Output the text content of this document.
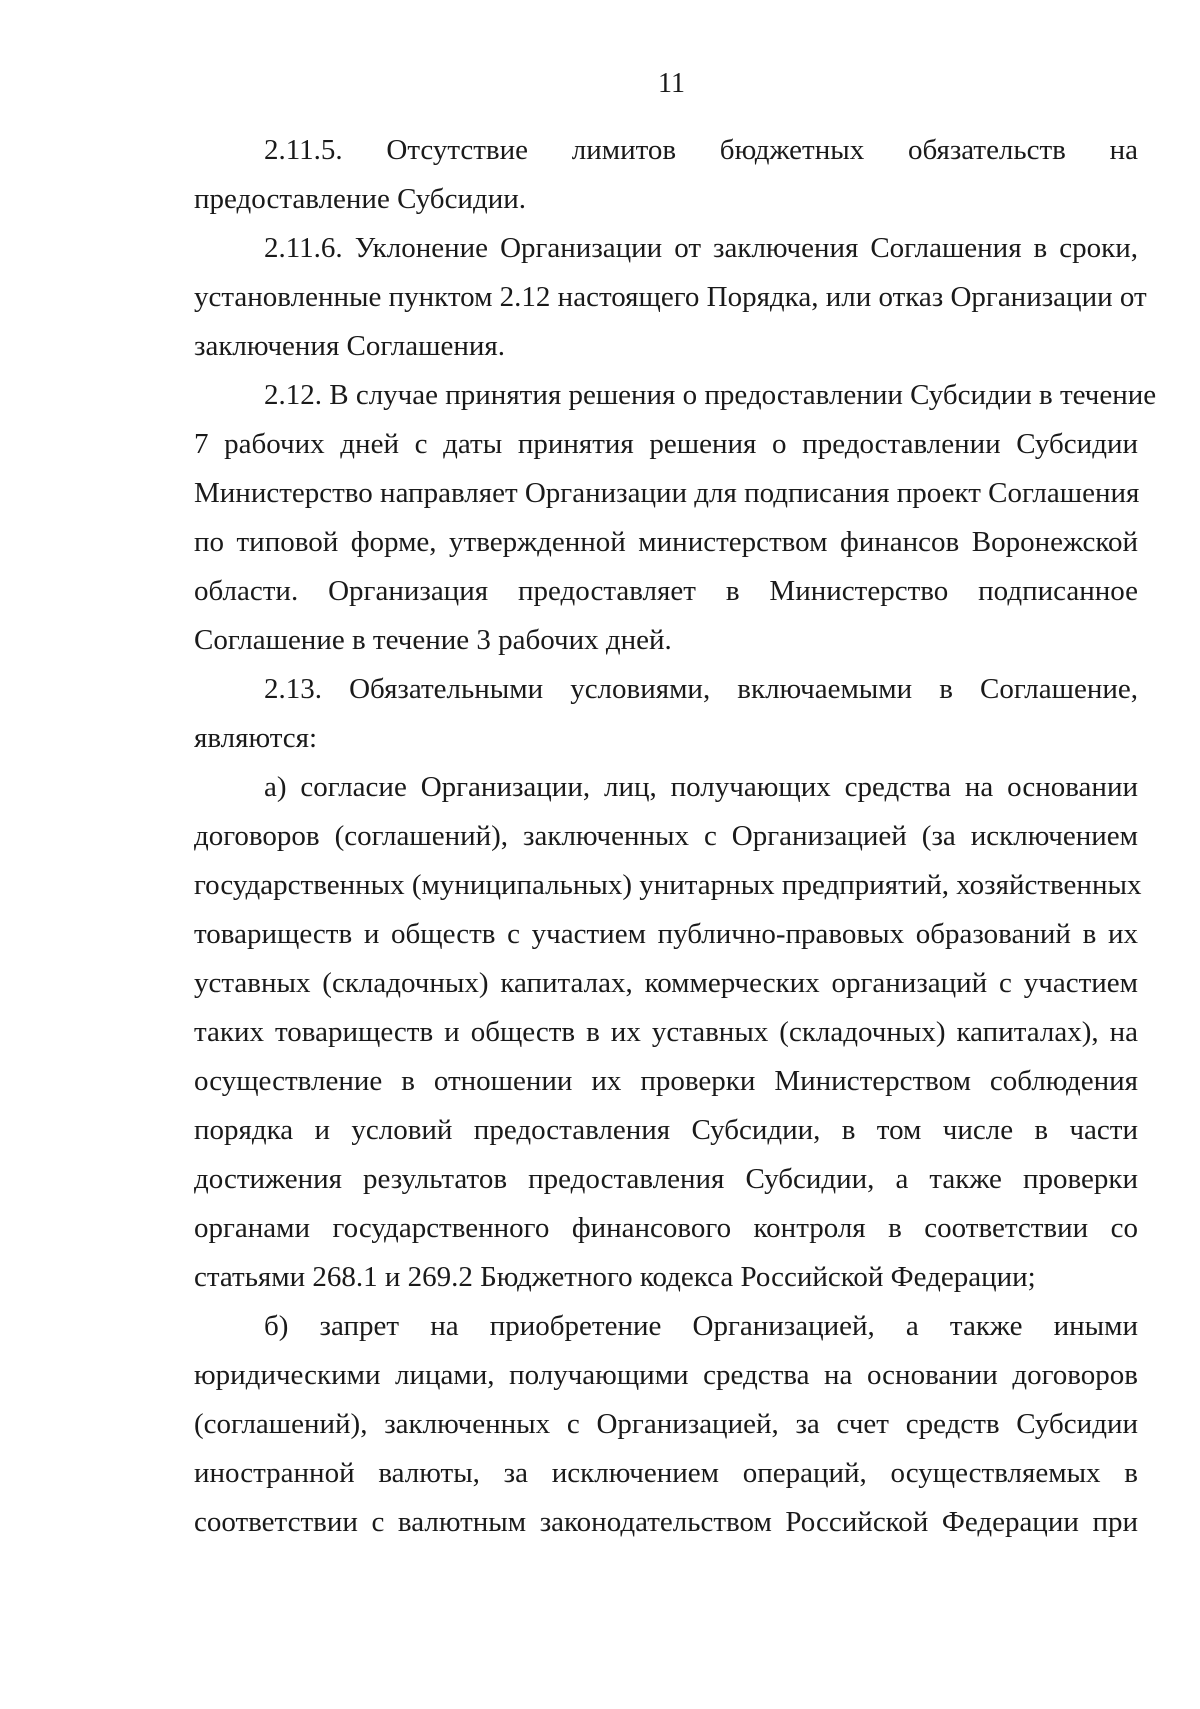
11
2.11.5. Отсутствие лимитов бюджетных обязательств на
предоставление Субсидии.
2.11.6. Уклонение Организации от заключения Соглашения в сроки,
установленные пунктом 2.12 настоящего Порядка, или отказ Организации от
заключения Соглашения.
2.12. В случае принятия решения о предоставлении Субсидии в течение
7 рабочих дней с даты принятия решения о предоставлении Субсидии
Министерство направляет Организации для подписания проект Соглашения
по типовой форме, утвержденной министерством финансов Воронежской
области. Организация предоставляет в Министерство подписанное
Соглашение в течение 3 рабочих дней.
2.13. Обязательными условиями, включаемыми в Соглашение,
являются:
а) согласие Организации, лиц, получающих средства на основании
договоров (соглашений), заключенных с Организацией (за исключением
государственных (муниципальных) унитарных предприятий, хозяйственных
товариществ и обществ с участием публично-правовых образований в их
уставных (складочных) капиталах, коммерческих организаций с участием
таких товариществ и обществ в их уставных (складочных) капиталах), на
осуществление в отношении их проверки Министерством соблюдения
порядка и условий предоставления Субсидии, в том числе в части
достижения результатов предоставления Субсидии, а также проверки
органами государственного финансового контроля в соответствии со
статьями 268.1 и 269.2 Бюджетного кодекса Российской Федерации;
б) запрет на приобретение Организацией, а также иными
юридическими лицами, получающими средства на основании договоров
(соглашений), заключенных с Организацией, за счет средств Субсидии
иностранной валюты, за исключением операций, осуществляемых в
соответствии с валютным законодательством Российской Федерации при
